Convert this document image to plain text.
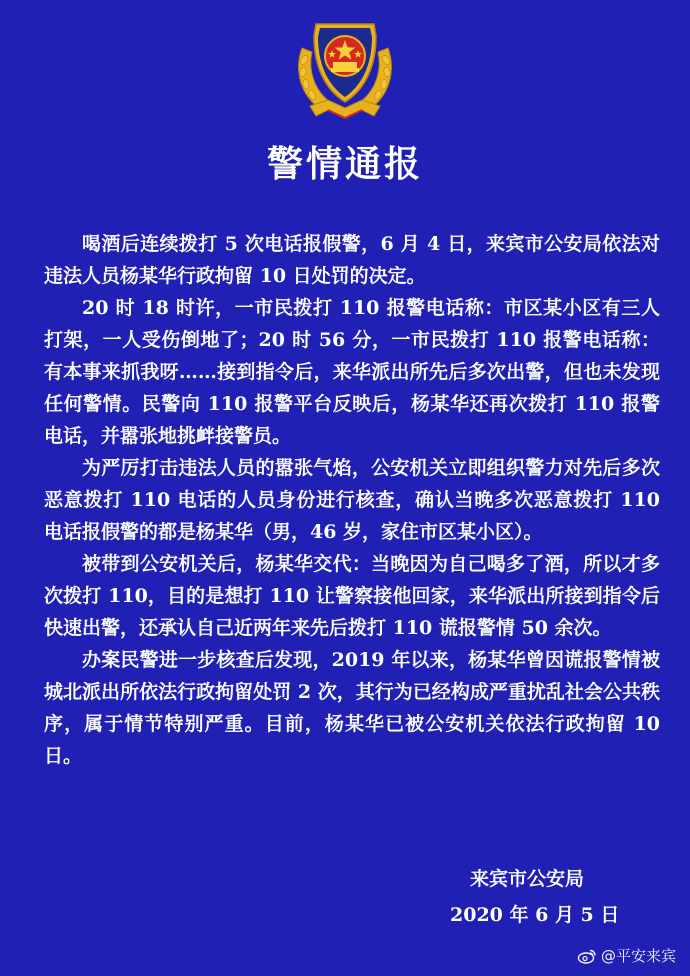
警情通报

喝酒后连续拨打 5 次电话报假警，6 月 4 日，来宾市公安局依法对违法人员杨某华行政拘留 10 日处罚的决定。

20 时 18 时许，一市民拨打 110 报警电话称：市区某小区有三人打架，一人受伤倒地了；20 时 56 分，一市民拨打 110 报警电话称：有本事来抓我呀……接到指令后，来华派出所先后多次出警，但也未发现任何警情。民警向 110 报警平台反映后，杨某华还再次拨打 110 报警电话，并嚣张地挑衅接警员。

为严厉打击违法人员的嚣张气焰，公安机关立即组织警力对先后多次恶意拨打 110 电话的人员身份进行核查，确认当晚多次恶意拨打 110 电话报假警的都是杨某华（男，46 岁，家住市区某小区）。

被带到公安机关后，杨某华交代：当晚因为自己喝多了酒，所以才多次拨打 110，目的是想打 110 让警察接他回家，来华派出所接到指令后快速出警，还承认自己近两年来先后拨打 110 谎报警情 50 余次。

办案民警进一步核查后发现，2019 年以来，杨某华曾因谎报警情被城北派出所依法行政拘留处罚 2 次，其行为已经构成严重扰乱社会公共秩序，属于情节特别严重。目前，杨某华已被公安机关依法行政拘留 10 日。

来宾市公安局
2020 年 6 月 5 日
@平安来宾
